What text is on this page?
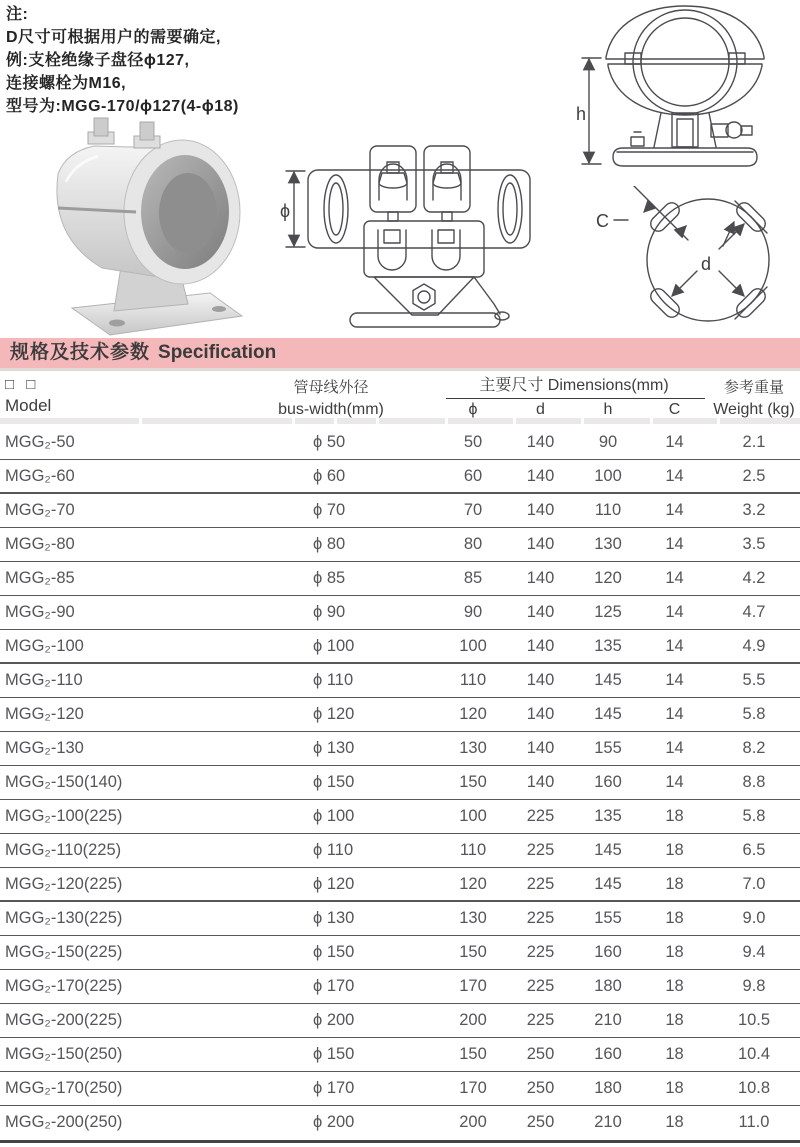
注:
D尺寸可根据用户的需要确定,
例:支栓绝缘子盘径ϕ127,
连接螺栓为M16,
型号为:MGG-170/ϕ127(4-ϕ18)
ϕ
h
C
d
规格及技术参数 Specification
□ □
Model
管母线外径
bus-width(mm)
主要尺寸 Dimensions(mm)
ϕ	d	h	C
参考重量
Weight (kg)
MGG₂-50	ϕ 50	50	140	90	14	2.1
MGG₂-60	ϕ 60	60	140	100	14	2.5
MGG₂-70	ϕ 70	70	140	110	14	3.2
MGG₂-80	ϕ 80	80	140	130	14	3.5
MGG₂-85	ϕ 85	85	140	120	14	4.2
MGG₂-90	ϕ 90	90	140	125	14	4.7
MGG₂-100	ϕ 100	100	140	135	14	4.9
MGG₂-110	ϕ 110	110	140	145	14	5.5
MGG₂-120	ϕ 120	120	140	145	14	5.8
MGG₂-130	ϕ 130	130	140	155	14	8.2
MGG₂-150(140)	ϕ 150	150	140	160	14	8.8
MGG₂-100(225)	ϕ 100	100	225	135	18	5.8
MGG₂-110(225)	ϕ 110	110	225	145	18	6.5
MGG₂-120(225)	ϕ 120	120	225	145	18	7.0
MGG₂-130(225)	ϕ 130	130	225	155	18	9.0
MGG₂-150(225)	ϕ 150	150	225	160	18	9.4
MGG₂-170(225)	ϕ 170	170	225	180	18	9.8
MGG₂-200(225)	ϕ 200	200	225	210	18	10.5
MGG₂-150(250)	ϕ 150	150	250	160	18	10.4
MGG₂-170(250)	ϕ 170	170	250	180	18	10.8
MGG₂-200(250)	ϕ 200	200	250	210	18	11.0
